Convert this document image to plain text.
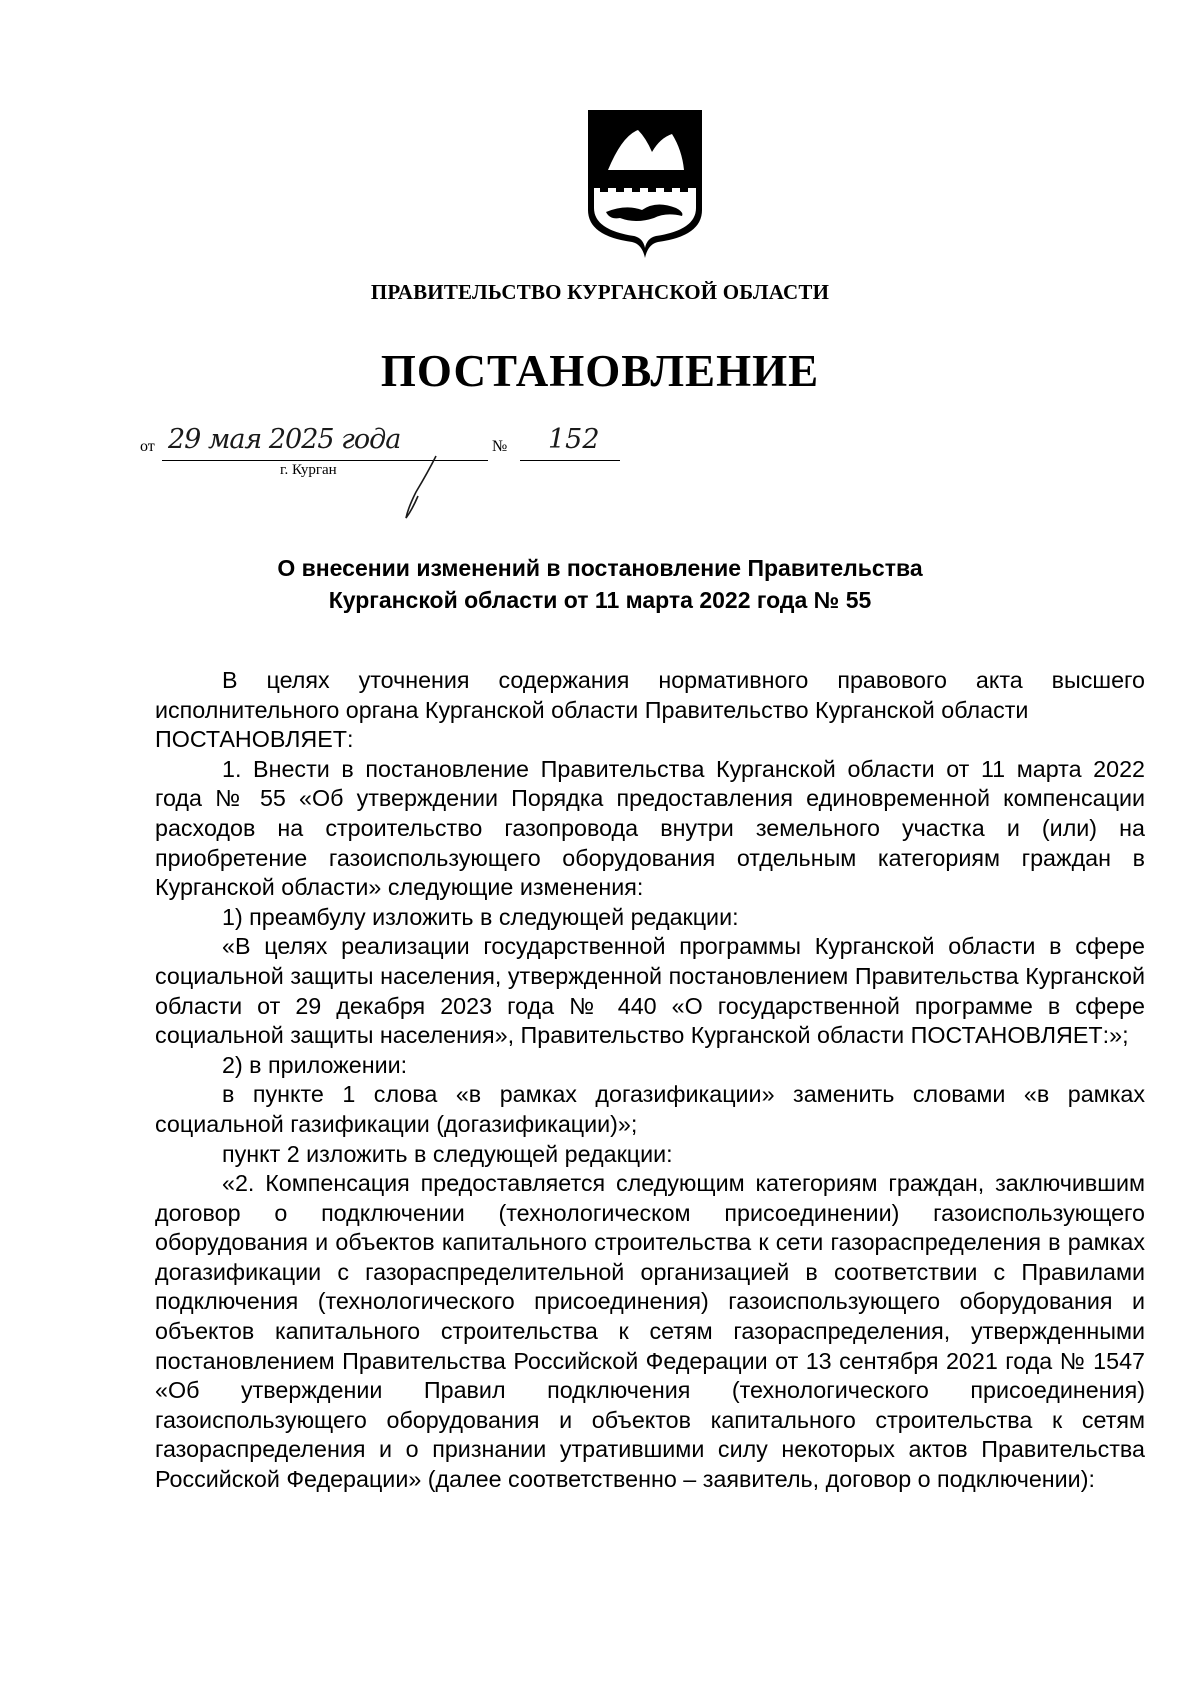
ПРАВИТЕЛЬСТВО КУРГАНСКОЙ ОБЛАСТИ
ПОСТАНОВЛЕНИЕ
от 29 мая 2025 года	№ 152
г. Курган
О внесении изменений в постановление Правительства
Курганской области от 11 марта 2022 года № 55

В целях уточнения содержания нормативного правового акта высшего исполнительного органа Курганской области Правительство Курганской области

ПОСТАНОВЛЯЕТ:

1. Внести в постановление Правительства Курганской области от 11 марта 2022 года № 55 «Об утверждении Порядка предоставления единовременной компенсации расходов на строительство газопровода внутри земельного участка и (или) на приобретение газоиспользующего оборудования отдельным категориям граждан в Курганской области» следующие изменения:

1) преамбулу изложить в следующей редакции:

«В целях реализации государственной программы Курганской области в сфере социальной защиты населения, утвержденной постановлением Правительства Курганской области от 29 декабря 2023 года № 440 «О государственной программе в сфере социальной защиты населения», Правительство Курганской области ПОСТАНОВЛЯЕТ:»;

2) в приложении:

в пункте 1 слова «в рамках догазификации» заменить словами «в рамках социальной газификации (догазификации)»;

пункт 2 изложить в следующей редакции:

«2. Компенсация предоставляется следующим категориям граждан, заключившим договор о подключении (технологическом присоединении) газоиспользующего оборудования и объектов капитального строительства к сети газораспределения в рамках догазификации с газораспределительной организацией в соответствии с Правилами подключения (технологического присоединения) газоиспользующего оборудования и объектов капитального строительства к сетям газораспределения, утвержденными постановлением Правительства Российской Федерации от 13 сентября 2021 года № 1547 «Об утверждении Правил подключения (технологического присоединения) газоиспользующего оборудования и объектов капитального строительства к сетям газораспределения и о признании утратившими силу некоторых актов Правительства Российской Федерации» (далее соответственно – заявитель, договор о подключении):
